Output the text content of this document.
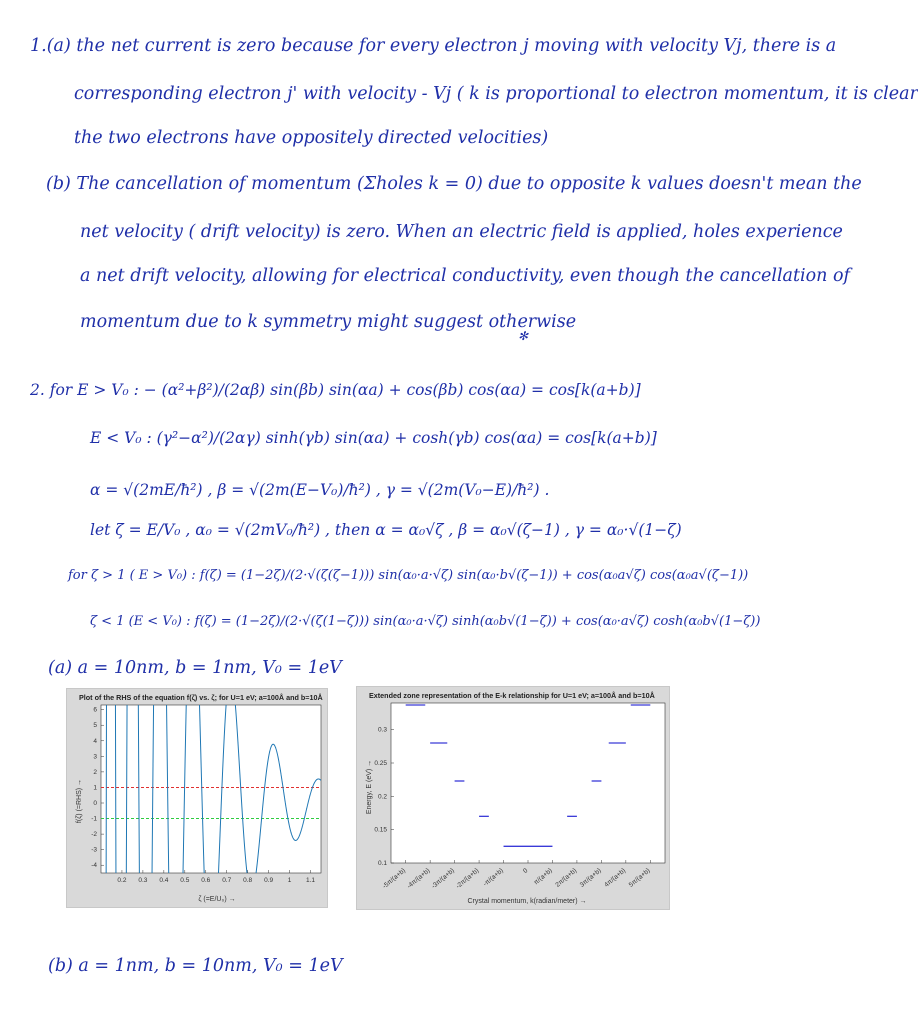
1.(a) the net current is zero because for every electron j moving with velocity Vj, there is a
corresponding electron j' with velocity - Vj ( k is proportional to electron momentum, it is clear
the two electrons have oppositely directed velocities)
(b) The cancellation of momentum (Σholes k = 0) due to opposite k values doesn't mean the
net velocity ( drift velocity) is zero. When an electric field is applied, holes experience
a net drift velocity, allowing for electrical conductivity, even though the cancellation of
momentum due to k symmetry might suggest otherwise
✻
2. for E > V₀ : − (α²+β²)/(2αβ) sin(βb) sin(αa) + cos(βb) cos(αa) = cos[k(a+b)]
E < V₀ : (γ²−α²)/(2αγ) sinh(γb) sin(αa) + cosh(γb) cos(αa) = cos[k(a+b)]
α = √(2mE/ħ²) , β = √(2m(E−V₀)/ħ²) , γ = √(2m(V₀−E)/ħ²) .
let ζ = E/V₀ , α₀ = √(2mV₀/ħ²) , then α = α₀√ζ , β = α₀√(ζ−1) , γ = α₀·√(1−ζ)
for ζ > 1 ( E > V₀) : f(ζ) = (1−2ζ)/(2·√(ζ(ζ−1))) sin(α₀·a·√ζ) sin(α₀·b√(ζ−1)) + cos(α₀a√ζ) cos(α₀a√(ζ−1))
ζ < 1 (E < V₀) : f(ζ) = (1−2ζ)/(2·√(ζ(1−ζ))) sin(α₀·a·√ζ) sinh(α₀b√(1−ζ)) + cos(α₀·a√ζ) cosh(α₀b√(1−ζ))
(a) a = 10nm, b = 1nm, V₀ = 1eV
Plot of the RHS of the equation f(ζ) vs. ζ; for U=1 eV; a=100Å and b=10Å
f(ζ) (=RHS) →
ζ (=E/U₀) →
0.2 0.3 0.4 0.5 0.6 0.7 0.8 0.9 1 1.1
6
5
4
3
2
1
0
-1
-2
-3
-4
Extended zone representation of the E-k relationship for U=1 eV; a=100Å and b=10Å
Energy, E (eV) →
Crystal momentum, k(radian/meter) →
0.3
0.25
0.2
0.15
0.1
-5π/(a+b)
-4π/(a+b)
-3π/(a+b)
-2π/(a+b) -π/(a+b)	0 π/(a+b) 2π/(a+b) 3π/(a+b) 4π/(a+b) 5π/(a+b)
(b) a = 1nm, b = 10nm, V₀ = 1eV
